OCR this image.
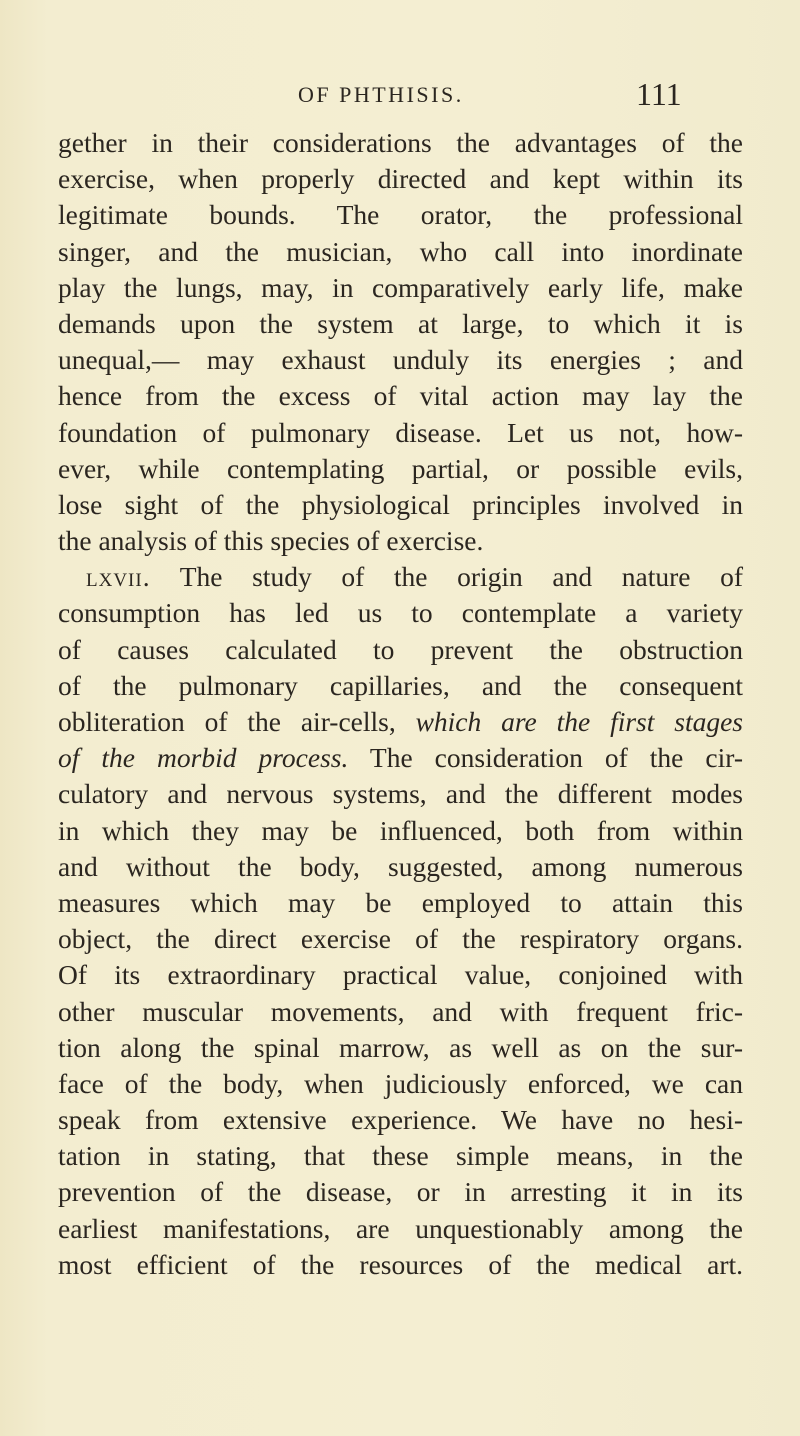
OF PHTHISIS.	111
gether in their considerations the advantages of the
exercise, when properly directed and kept within its
legitimate bounds. The orator, the professional
singer, and the musician, who call into inordinate
play the lungs, may, in comparatively early life, make
demands upon the system at large, to which it is
unequal,— may exhaust unduly its energies ; and
hence from the excess of vital action may lay the
foundation of pulmonary disease. Let us not, how-
ever, while contemplating partial, or possible evils,
lose sight of the physiological principles involved in
the analysis of this species of exercise.
lxvii. The study of the origin and nature of
consumption has led us to contemplate a variety
of causes calculated to prevent the obstruction
of the pulmonary capillaries, and the consequent
obliteration of the air-cells, which are the first stages
of the morbid process. The consideration of the cir-
culatory and nervous systems, and the different modes
in which they may be influenced, both from within
and without the body, suggested, among numerous
measures which may be employed to attain this
object, the direct exercise of the respiratory organs.
Of its extraordinary practical value, conjoined with
other muscular movements, and with frequent fric-
tion along the spinal marrow, as well as on the sur-
face of the body, when judiciously enforced, we can
speak from extensive experience. We have no hesi-
tation in stating, that these simple means, in the
prevention of the disease, or in arresting it in its
earliest manifestations, are unquestionably among the
most efficient of the resources of the medical art.
